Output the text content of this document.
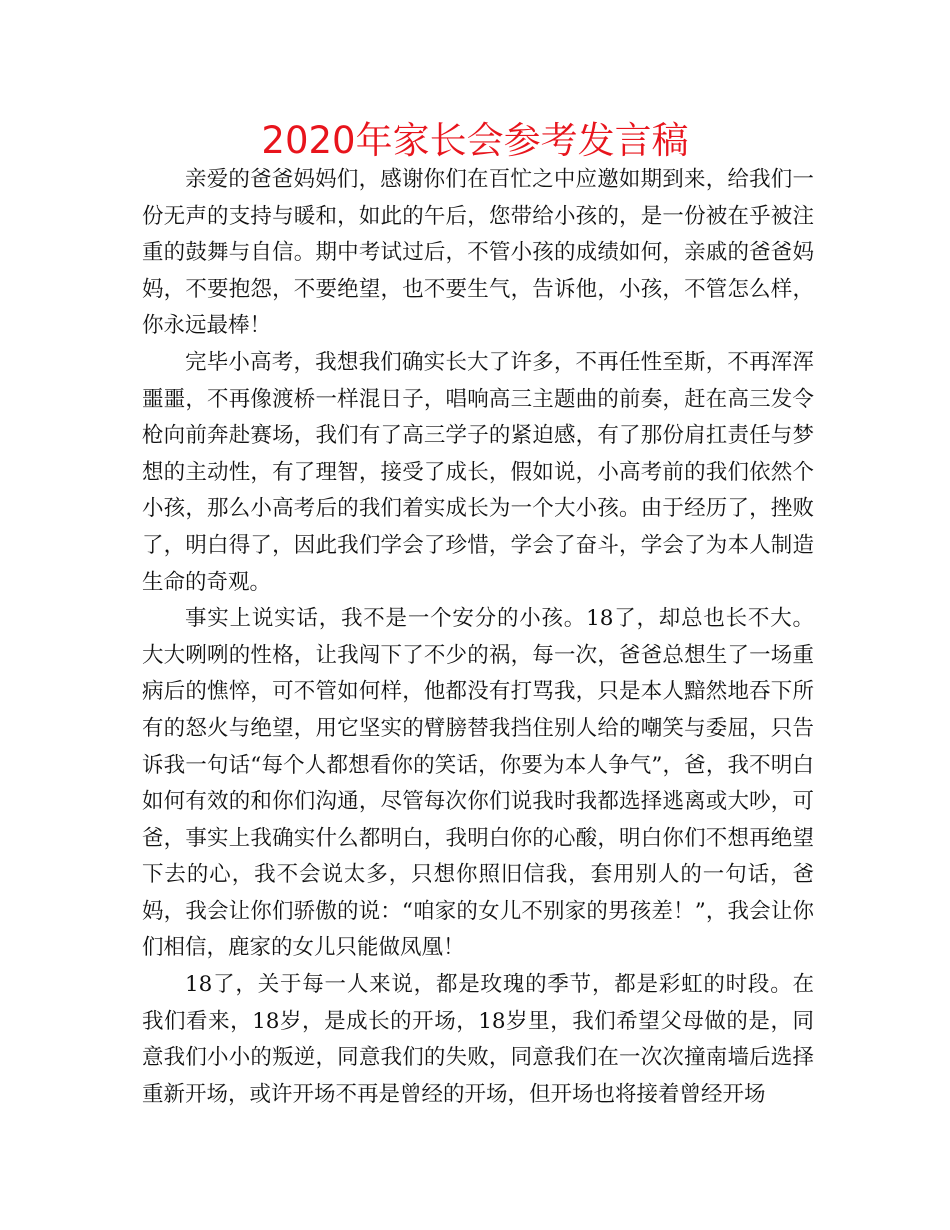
2020年家长会参考发言稿

亲爱的爸爸妈妈们，感谢你们在百忙之中应邀如期到来，给我们一份无声的支持与暖和，如此的午后，您带给小孩的，是一份被在乎被注重的鼓舞与自信。期中考试过后，不管小孩的成绩如何，亲戚的爸爸妈妈，不要抱怨，不要绝望，也不要生气，告诉他，小孩，不管怎么样，你永远最棒！

完毕小高考，我想我们确实长大了许多，不再任性至斯，不再浑浑噩噩，不再像渡桥一样混日子，唱响高三主题曲的前奏，赶在高三发令枪向前奔赴赛场，我们有了高三学子的紧迫感，有了那份肩扛责任与梦想的主动性，有了理智，接受了成长，假如说，小高考前的我们依然个小孩，那么小高考后的我们着实成长为一个大小孩。由于经历了，挫败了，明白得了，因此我们学会了珍惜，学会了奋斗，学会了为本人制造生命的奇观。

事实上说实话，我不是一个安分的小孩。18了，却总也长不大。大大咧咧的性格，让我闯下了不少的祸，每一次，爸爸总想生了一场重病后的憔悴，可不管如何样，他都没有打骂我，只是本人黯然地吞下所有的怒火与绝望，用它坚实的臂膀替我挡住别人给的嘲笑与委屈，只告诉我一句话“每个人都想看你的笑话，你要为本人争气”，爸，我不明白如何有效的和你们沟通，尽管每次你们说我时我都选择逃离或大吵，可爸，事实上我确实什么都明白，我明白你的心酸，明白你们不想再绝望下去的心，我不会说太多，只想你照旧信我，套用别人的一句话，爸妈，我会让你们骄傲的说：“咱家的女儿不别家的男孩差！”，我会让你们相信，鹿家的女儿只能做凤凰！

18了，关于每一人来说，都是玫瑰的季节，都是彩虹的时段。在我们看来，18岁，是成长的开场，18岁里，我们希望父母做的是，同意我们小小的叛逆，同意我们的失败，同意我们在一次次撞南墙后选择重新开场，或许开场不再是曾经的开场，但开场也将接着曾经开场
